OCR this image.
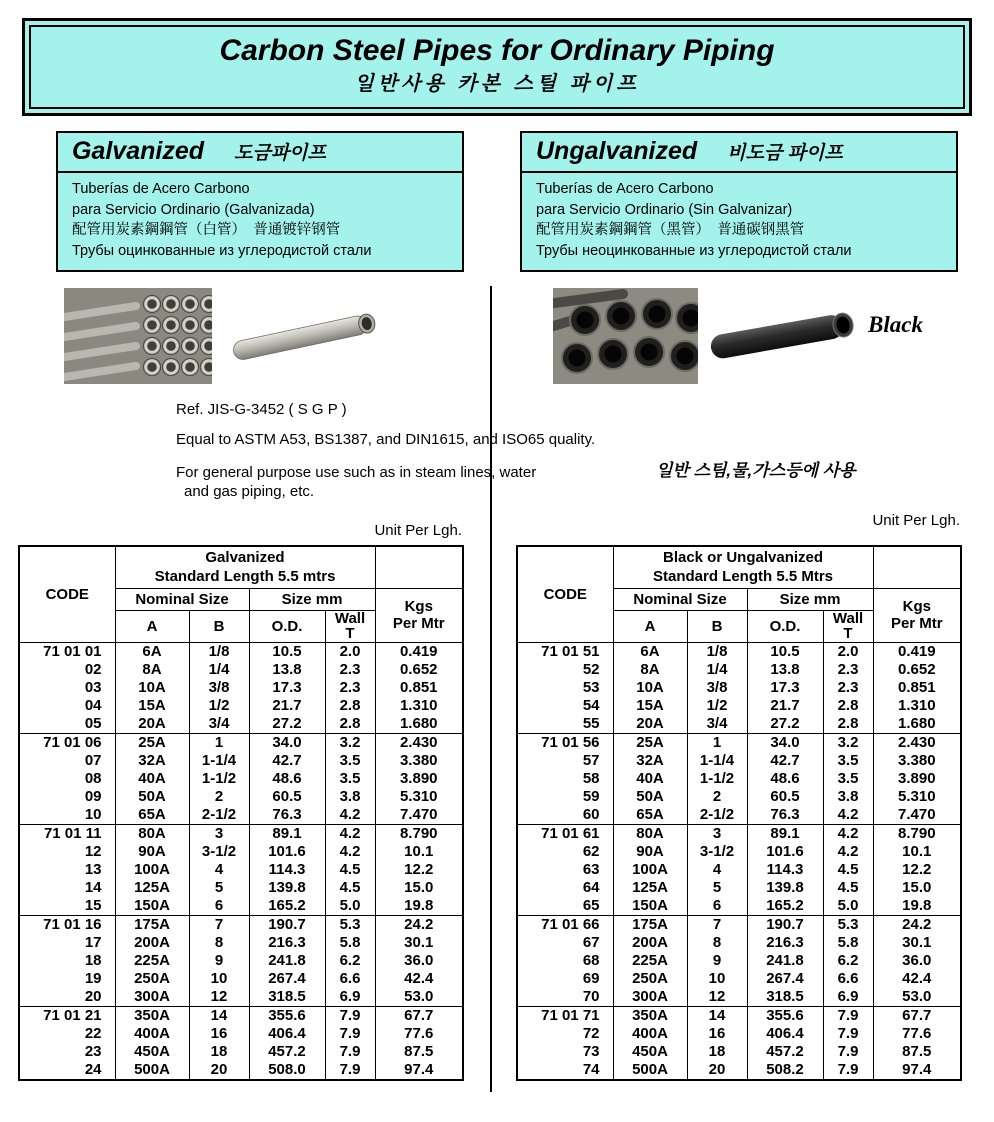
Carbon Steel Pipes for Ordinary Piping
일반사용 카본 스틸 파이프
Galvanized 도금파이프
Tuberías de Acero Carbono
para Servicio Ordinario (Galvanizada)
配管用炭素鋼鋼管（白管）　普通镀锌钢管
Трубы оцинкованные из углеродистой стали
Ungalvanized 비도금 파이프
Tuberías de Acero Carbono
para Servicio Ordinario (Sin Galvanizar)
配管用炭素鋼鋼管（黑管）　普通碳钢黑管
Трубы неоцинкованные из углеродистой стали
Black
Ref. JIS-G-3452 ( S G P )
Equal to ASTM A53, BS1387, and DIN1615, and ISO65 quality.
For general purpose use such as in steam lines, water
and gas piping, etc.
일반 스팀,물,가스등에 사용
Unit Per Lgh.
Unit Per Lgh.
CODE	Galvanized
Standard Length 5.5 mtrs				

	Nominal Size		Size mm		Kgs
Per Mtr

	A	B	O.D.	Wall
T	

71 01 01	6A	1/8	10.5	2.0	0.419
02	8A	1/4	13.8	2.3	0.652
03	10A	3/8	17.3	2.3	0.851
04	15A	1/2	21.7	2.8	1.310
05	20A	3/4	27.2	2.8	1.680
71 01 06	25A	1	34.0	3.2	2.430
07	32A	1-1/4	42.7	3.5	3.380
08	40A	1-1/2	48.6	3.5	3.890
09	50A	2	60.5	3.8	5.310
10	65A	2-1/2	76.3	4.2	7.470
71 01 11	80A	3	89.1	4.2	8.790
12	90A	3-1/2	101.6	4.2	10.1
13	100A	4	114.3	4.5	12.2
14	125A	5	139.8	4.5	15.0
15	150A	6	165.2	5.0	19.8
71 01 16	175A	7	190.7	5.3	24.2
17	200A	8	216.3	5.8	30.1
18	225A	9	241.8	6.2	36.0
19	250A	10	267.4	6.6	42.4
20	300A	12	318.5	6.9	53.0
71 01 21	350A	14	355.6	7.9	67.7
22	400A	16	406.4	7.9	77.6
23	450A	18	457.2	7.9	87.5
24	500A	20	508.0	7.9	97.4
CODE	Black or Ungalvanized
Standard Length 5.5 Mtrs				

	Nominal Size		Size mm		Kgs
Per Mtr

	A	B	O.D.	Wall
T	

71 01 51	6A	1/8	10.5	2.0	0.419
52	8A	1/4	13.8	2.3	0.652
53	10A	3/8	17.3	2.3	0.851
54	15A	1/2	21.7	2.8	1.310
55	20A	3/4	27.2	2.8	1.680
71 01 56	25A	1	34.0	3.2	2.430
57	32A	1-1/4	42.7	3.5	3.380
58	40A	1-1/2	48.6	3.5	3.890
59	50A	2	60.5	3.8	5.310
60	65A	2-1/2	76.3	4.2	7.470
71 01 61	80A	3	89.1	4.2	8.790
62	90A	3-1/2	101.6	4.2	10.1
63	100A	4	114.3	4.5	12.2
64	125A	5	139.8	4.5	15.0
65	150A	6	165.2	5.0	19.8
71 01 66	175A	7	190.7	5.3	24.2
67	200A	8	216.3	5.8	30.1
68	225A	9	241.8	6.2	36.0
69	250A	10	267.4	6.6	42.4
70	300A	12	318.5	6.9	53.0
71 01 71	350A	14	355.6	7.9	67.7
72	400A	16	406.4	7.9	77.6
73	450A	18	457.2	7.9	87.5
74	500A	20	508.2	7.9	97.4
